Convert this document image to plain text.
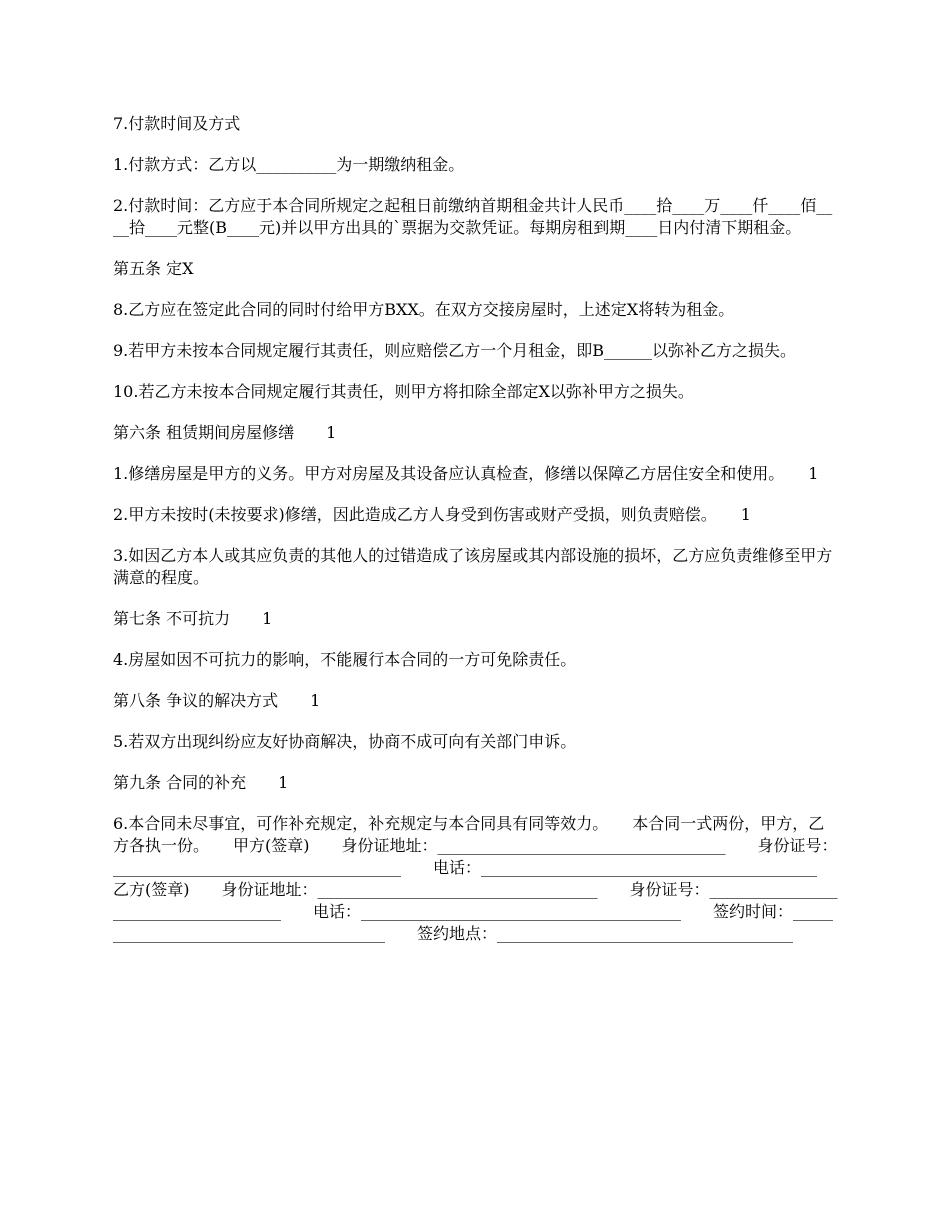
7.付款时间及方式

1.付款方式：乙方以__________为一期缴纳租金。

2.付款时间：乙方应于本合同所规定之起租日前缴纳首期租金共计人民币____拾____万____仟____佰____拾____元整(B____元)并以甲方出具的`票据为交款凭证。每期房租到期____日内付清下期租金。

第五条 定X

8.乙方应在签定此合同的同时付给甲方BXX。在双方交接房屋时，上述定X将转为租金。

9.若甲方未按本合同规定履行其责任，则应赔偿乙方一个月租金，即B______以弥补乙方之损失。

10.若乙方未按本合同规定履行其责任，则甲方将扣除全部定X以弥补甲方之损失。

第六条 租赁期间房屋修缮　　1

1.修缮房屋是甲方的义务。甲方对房屋及其设备应认真检查，修缮以保障乙方居住安全和使用。　　1

2.甲方未按时(未按要求)修缮，因此造成乙方人身受到伤害或财产受损，则负责赔偿。　　1

3.如因乙方本人或其应负责的其他人的过错造成了该房屋或其内部设施的损坏，乙方应负责维修至甲方满意的程度。

第七条 不可抗力　　1

4.房屋如因不可抗力的影响，不能履行本合同的一方可免除责任。

第八条 争议的解决方式　　1

5.若双方出现纠纷应友好协商解决，协商不成可向有关部门申诉。

第九条 合同的补充　　1

6.本合同未尽事宜，可作补充规定，补充规定与本合同具有同等效力。　　本合同一式两份，甲方，乙方各执一份。　　甲方(签章)　　身份证地址：____________________________________　　身份证号：____________________________________　　电话：__________________________________________　　乙方(签章)　　身份证地址：___________________________________　　身份证号：_____________________________________　　电话：________________________________________　　签约时间：_______________________________________　　签约地点：_____________________________________
